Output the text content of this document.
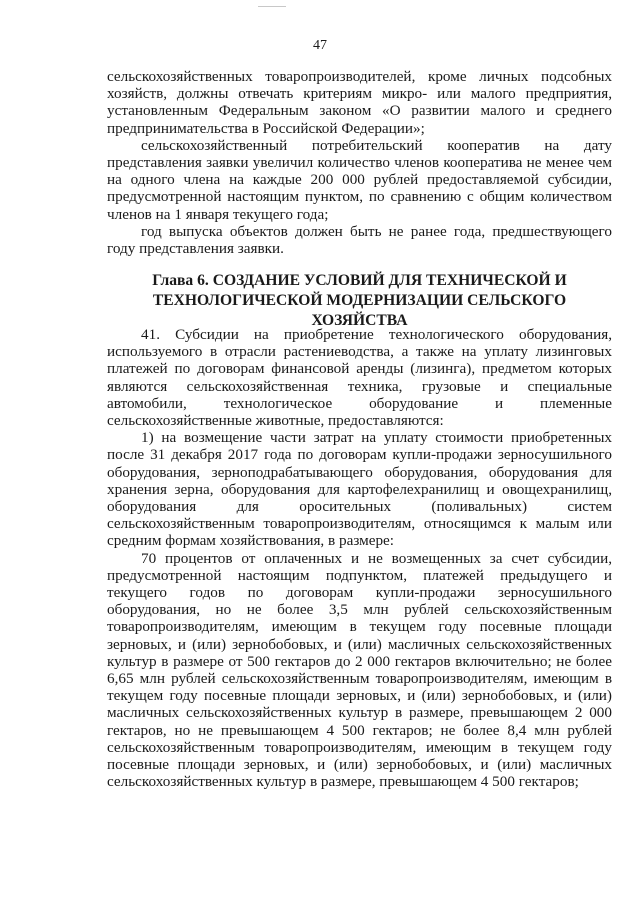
47

сельскохозяйственных товаропроизводителей, кроме личных подсобных хозяйств, должны отвечать критериям микро- или малого предприятия, установленным Федеральным законом «О развитии малого и среднего предпринимательства в Российской Федерации»;

сельскохозяйственный потребительский кооператив на дату представления заявки увеличил количество членов кооператива не менее чем на одного члена на каждые 200 000 рублей предоставляемой субсидии, предусмотренной настоящим пунктом, по сравнению с общим количеством членов на 1 января текущего года;

год выпуска объектов должен быть не ранее года, предшествующего году представления заявки.

Глава 6. СОЗДАНИЕ УСЛОВИЙ ДЛЯ ТЕХНИЧЕСКОЙ И
ТЕХНОЛОГИЧЕСКОЙ МОДЕРНИЗАЦИИ СЕЛЬСКОГО ХОЗЯЙСТВА

41. Субсидии на приобретение технологического оборудования, используемого в отрасли растениеводства, а также на уплату лизинговых платежей по договорам финансовой аренды (лизинга), предметом которых являются сельскохозяйственная техника, грузовые и специальные автомобили, технологическое оборудование и племенные сельскохозяйственные животные, предоставляются:

1) на возмещение части затрат на уплату стоимости приобретенных после 31 декабря 2017 года по договорам купли-продажи зерносушильного оборудования, зерноподрабатывающего оборудования, оборудования для хранения зерна, оборудования для картофелехранилищ и овощехранилищ, оборудования для оросительных (поливальных) систем сельскохозяйственным товаропроизводителям, относящимся к малым или средним формам хозяйствования, в размере:

70 процентов от оплаченных и не возмещенных за счет субсидии, предусмотренной настоящим подпунктом, платежей предыдущего и текущего годов по договорам купли-продажи зерносушильного оборудования, но не более 3,5 млн рублей сельскохозяйственным товаропроизводителям, имеющим в текущем году посевные площади зерновых, и (или) зернобобовых, и (или) масличных сельскохозяйственных культур в размере от 500 гектаров до 2 000 гектаров включительно; не более 6,65 млн рублей сельскохозяйственным товаропроизводителям, имеющим в текущем году посевные площади зерновых, и (или) зернобобовых, и (или) масличных сельскохозяйственных культур в размере, превышающем 2 000 гектаров, но не превышающем 4 500 гектаров; не более 8,4 млн рублей сельскохозяйственным товаропроизводителям, имеющим в текущем году посевные площади зерновых, и (или) зернобобовых, и (или) масличных сельскохозяйственных культур в размере, превышающем 4 500 гектаров;
